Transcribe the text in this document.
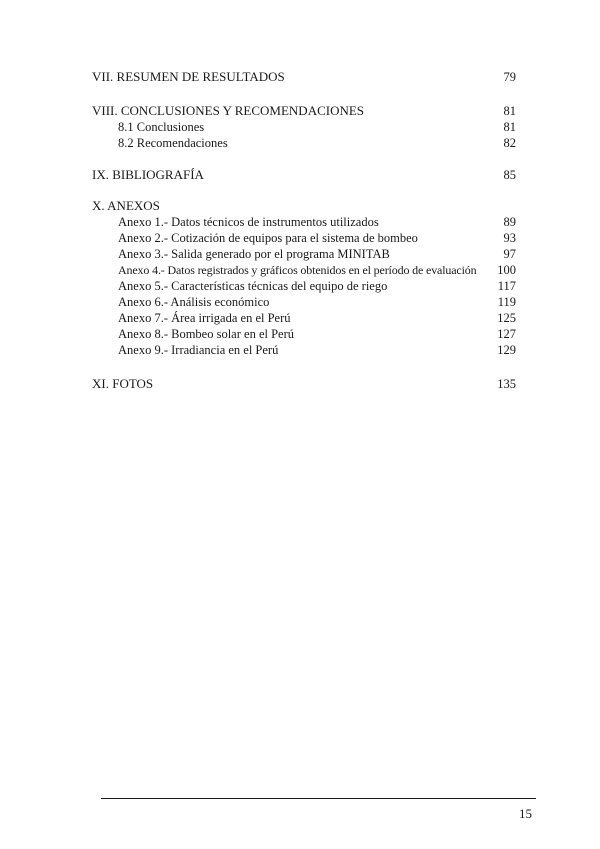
VII. RESUMEN DE RESULTADOS	79
VIII. CONCLUSIONES Y RECOMENDACIONES	81
8.1 Conclusiones	81
8.2 Recomendaciones	82
IX. BIBLIOGRAFÍA	85
X. ANEXOS
Anexo 1.- Datos técnicos de instrumentos utilizados	89
Anexo 2.- Cotización de equipos para el sistema de bombeo	93
Anexo 3.- Salida generado por el programa MINITAB	97
Anexo 4.- Datos registrados y gráficos obtenidos en el período de evaluación 100
Anexo 5.- Características técnicas del equipo de riego	117
Anexo 6.- Análisis económico	119
Anexo 7.- Área irrigada en el Perú	125
Anexo 8.- Bombeo solar en el Perú	127
Anexo 9.- Irradiancia en el Perú	129
XI. FOTOS	135
15
